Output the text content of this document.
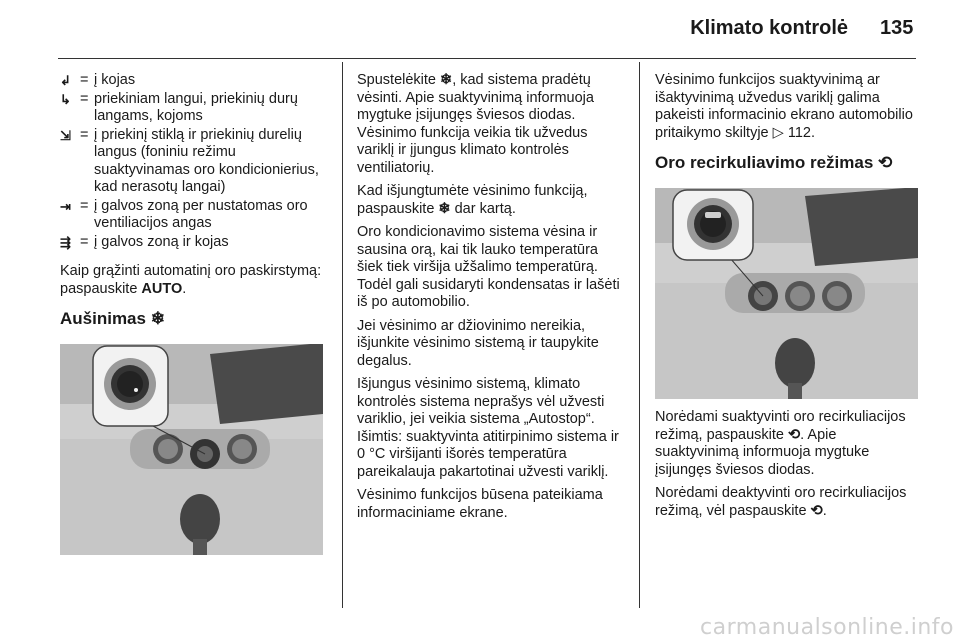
Klimato kontrolė 135
↲ = į kojas
↳ = priekiniam langui, priekinių durų langams, kojoms
⇲ = į priekinį stiklą ir priekinių durelių langus (foniniu režimu suaktyvinamas oro kondicionierius, kad nerasotų langai)
⇥ = į galvos zoną per nustatomas oro ventiliacijos angas
⇶ = į galvos zoną ir kojas

Kaip grąžinti automatinį oro paskirstymą: paspauskite AUTO.

Aušinimas ❄

Spustelėkite ❄, kad sistema pradėtų vėsinti. Apie suaktyvinimą informuoja mygtuke įsijungęs šviesos diodas. Vėsinimo funkcija veikia tik užvedus variklį ir įjungus klimato kontrolės ventiliatorių.

Kad išjungtumėte vėsinimo funkciją, paspauskite ❄ dar kartą.

Oro kondicionavimo sistema vėsina ir sausina orą, kai tik lauko temperatūra šiek tiek viršija užšalimo temperatūrą. Todėl gali susidaryti kondensatas ir lašėti iš po automobilio.

Jei vėsinimo ar džiovinimo nereikia, išjunkite vėsinimo sistemą ir taupykite degalus.

Išjungus vėsinimo sistemą, klimato kontrolės sistema neprašys vėl užvesti variklio, jei veikia sistema „Autostop“. Išimtis: suaktyvinta atitirpinimo sistema ir 0 °C viršijanti išorės temperatūra pareikalauja pakartotinai užvesti variklį.

Vėsinimo funkcijos būsena pateikiama informaciniame ekrane.

Vėsinimo funkcijos suaktyvinimą ar išaktyvinimą užvedus variklį galima pakeisti informacinio ekrano automobilio pritaikymo skiltyje ▷ 112.

Oro recirkuliavimo režimas ⟲

Norėdami suaktyvinti oro recirkuliacijos režimą, paspauskite ⟲. Apie suaktyvinimą informuoja mygtuke įsijungęs šviesos diodas.

Norėdami deaktyvinti oro recirkuliacijos režimą, vėl paspauskite ⟲.

carmanualsonline.info
